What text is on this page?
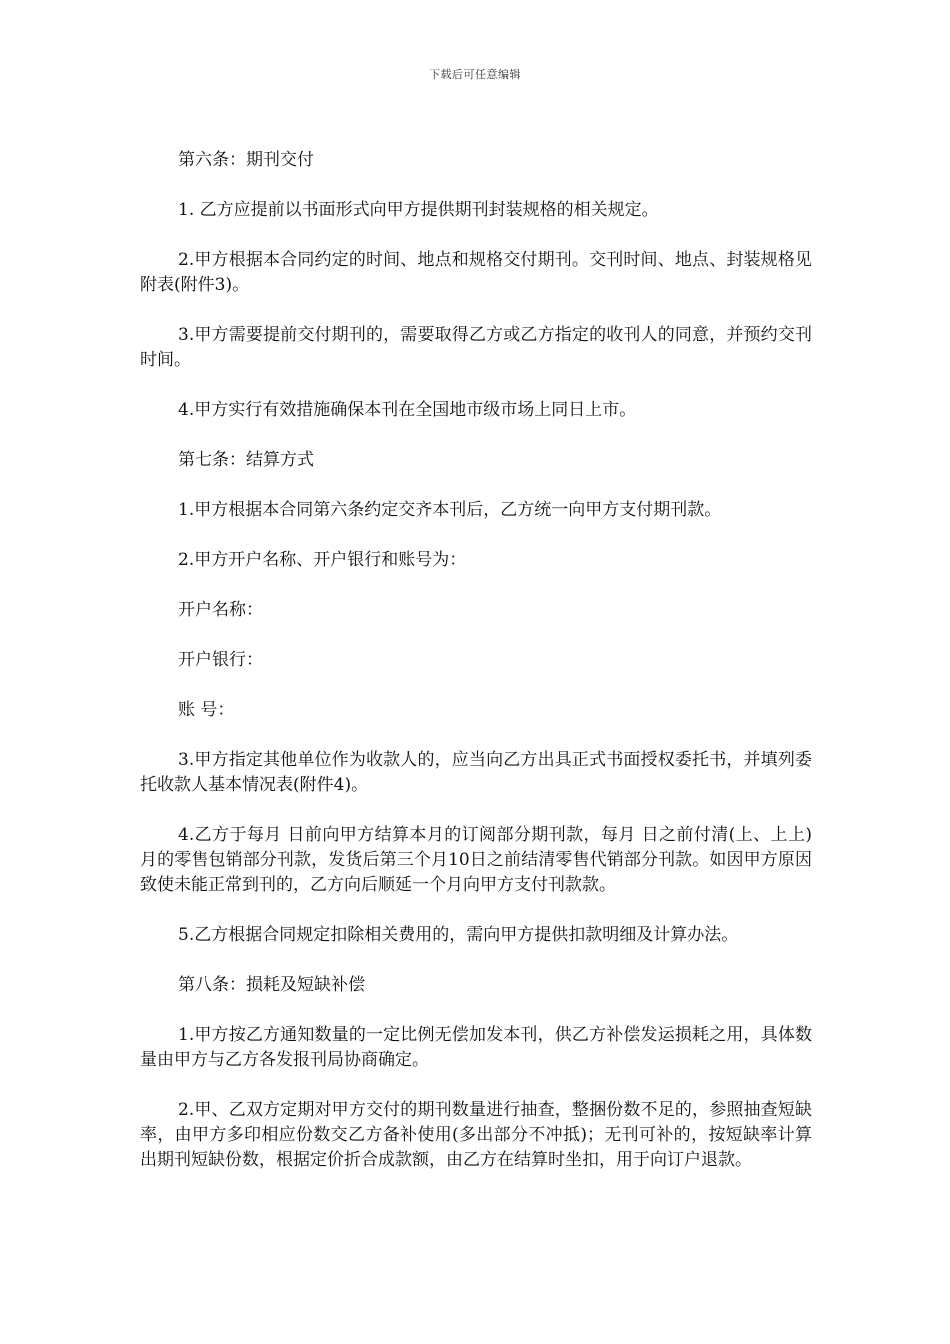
下载后可任意编辑

第六条：期刊交付

1. 乙方应提前以书面形式向甲方提供期刊封装规格的相关规定。

2.甲方根据本合同约定的时间、地点和规格交付期刊。交刊时间、地点、封装规格见附表(附件3)。

3.甲方需要提前交付期刊的，需要取得乙方或乙方指定的收刊人的同意，并预约交刊时间。

4.甲方实行有效措施确保本刊在全国地市级市场上同日上市。

第七条：结算方式

1.甲方根据本合同第六条约定交齐本刊后，乙方统一向甲方支付期刊款。

2.甲方开户名称、开户银行和账号为：

开户名称：

开户银行：

账 号：

3.甲方指定其他单位作为收款人的，应当向乙方出具正式书面授权委托书，并填列委托收款人基本情况表(附件4)。

4.乙方于每月 日前向甲方结算本月的订阅部分期刊款，每月 日之前付清(上、上上)月的零售包销部分刊款，发货后第三个月10日之前结清零售代销部分刊款。如因甲方原因致使未能正常到刊的，乙方向后顺延一个月向甲方支付刊款款。

5.乙方根据合同规定扣除相关费用的，需向甲方提供扣款明细及计算办法。

第八条：损耗及短缺补偿

1.甲方按乙方通知数量的一定比例无偿加发本刊，供乙方补偿发运损耗之用，具体数量由甲方与乙方各发报刊局协商确定。

2.甲、乙双方定期对甲方交付的期刊数量进行抽查，整捆份数不足的，参照抽查短缺率，由甲方多印相应份数交乙方备补使用(多出部分不冲抵)；无刊可补的，按短缺率计算出期刊短缺份数，根据定价折合成款额，由乙方在结算时坐扣，用于向订户退款。
